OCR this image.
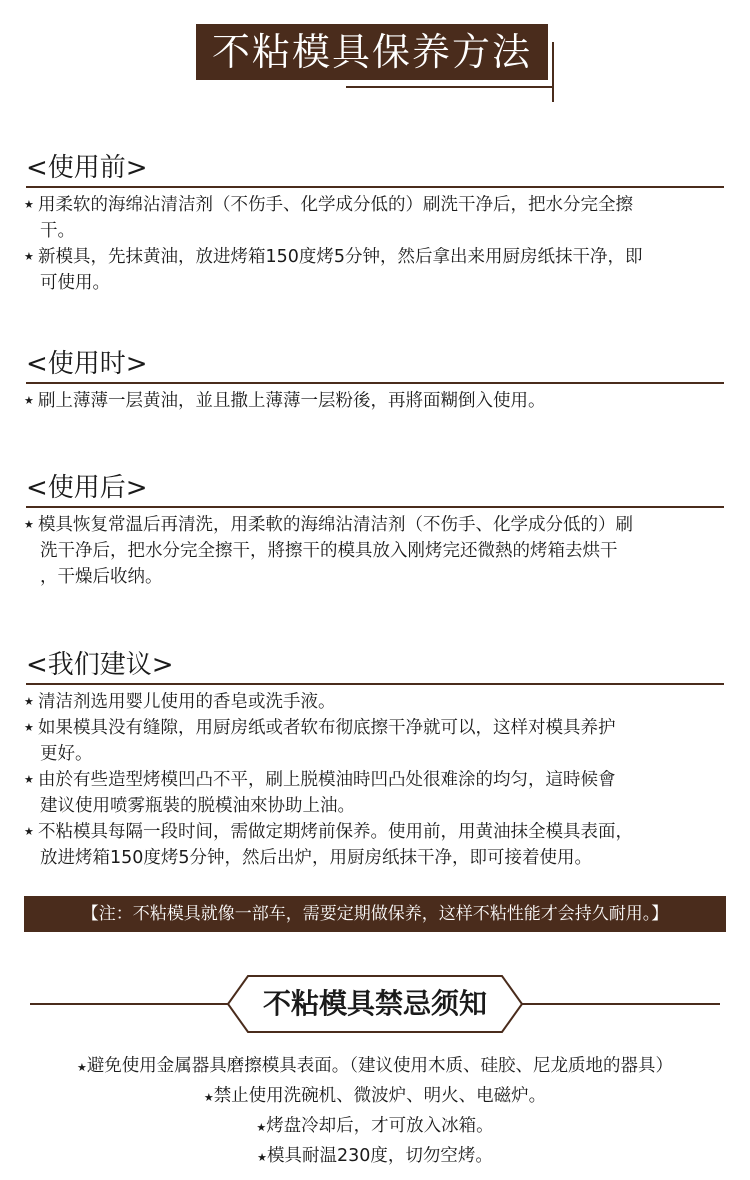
不粘模具保养方法
<使用前>
★ 用柔软的海绵沾清洁剂（不伤手、化学成分低的）刷洗干净后，把水分完全擦
干。
★ 新模具，先抹黄油，放进烤箱150度烤5分钟，然后拿出来用厨房纸抹干净，即
可使用。
<使用时>
★ 刷上薄薄一层黄油，並且撒上薄薄一层粉後，再將面糊倒入使用。
<使用后>
★ 模具恢复常温后再清洗，用柔軟的海绵沾清洁剂（不伤手、化学成分低的）刷
洗干净后，把水分完全擦干，將擦干的模具放入刚烤完还微熱的烤箱去烘干
，干燥后收纳。
<我们建议>
★ 清洁剂选用婴儿使用的香皂或洗手液。
★ 如果模具没有缝隙，用厨房纸或者软布彻底擦干净就可以，这样对模具养护
更好。
★ 由於有些造型烤模凹凸不平，刷上脱模油時凹凸处很难涂的均匀，這時候會
建议使用喷雾瓶裝的脱模油來协助上油。
★ 不粘模具每隔一段时间，需做定期烤前保养。使用前，用黄油抹全模具表面，
放进烤箱150度烤5分钟，然后出炉，用厨房纸抹干净，即可接着使用。
【注：不粘模具就像一部车，需要定期做保养，这样不粘性能才会持久耐用。】
不粘模具禁忌须知
★避免使用金属器具磨擦模具表面。（建议使用木质、硅胶、尼龙质地的器具）
★禁止使用洗碗机、微波炉、明火、电磁炉。
★烤盘冷却后，才可放入冰箱。
★模具耐温230度，切勿空烤。
